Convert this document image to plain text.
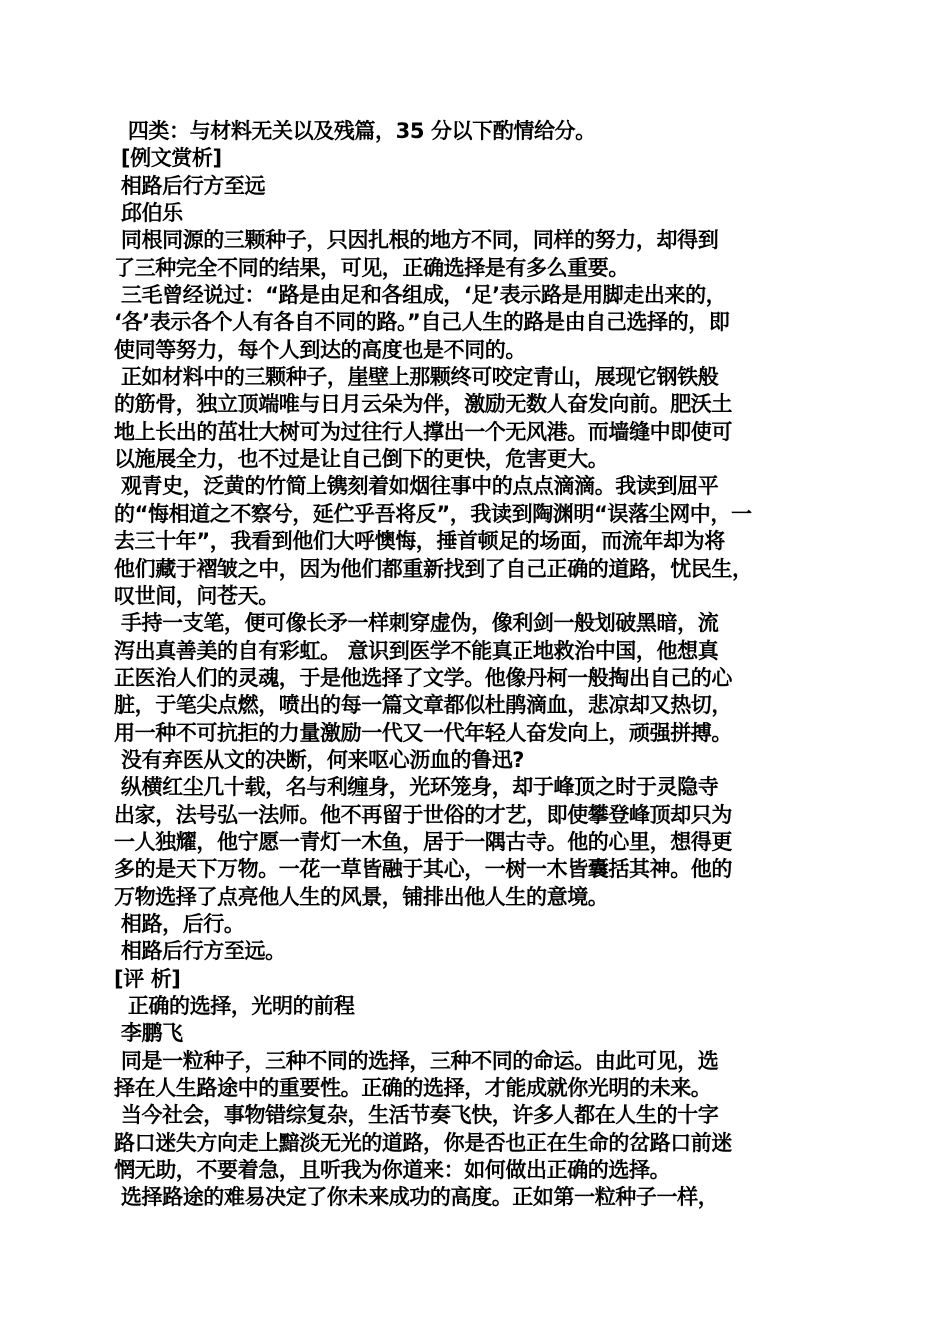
四类：与材料无关以及残篇，35 分以下酌情给分。
[例文赏析]
相路后行方至远
邱伯乐
同根同源的三颗种子，只因扎根的地方不同，同样的努力，却得到
了三种完全不同的结果，可见，正确选择是有多么重要。
三毛曾经说过：“路是由足和各组成，‘足’表示路是用脚走出来的，
‘各’表示各个人有各自不同的路。”自己人生的路是由自己选择的，即
使同等努力，每个人到达的高度也是不同的。
正如材料中的三颗种子，崖壁上那颗终可咬定青山，展现它钢铁般
的筋骨，独立顶端唯与日月云朵为伴，激励无数人奋发向前。肥沃土
地上长出的茁壮大树可为过往行人撑出一个无风港。而墙缝中即使可
以施展全力，也不过是让自己倒下的更快，危害更大。
观青史，泛黄的竹简上镌刻着如烟往事中的点点滴滴。我读到屈平
的“悔相道之不察兮，延伫乎吾将反”，我读到陶渊明“误落尘网中，一
去三十年”，我看到他们大呼懊悔，捶首顿足的场面，而流年却为将
他们藏于褶皱之中，因为他们都重新找到了自己正确的道路，忧民生，
叹世间，问苍天。
手持一支笔，便可像长矛一样刺穿虚伪，像利剑一般划破黑暗，流
泻出真善美的自有彩虹。 意识到医学不能真正地救治中国，他想真
正医治人们的灵魂，于是他选择了文学。他像丹柯一般掏出自己的心
脏，于笔尖点燃，喷出的每一篇文章都似杜鹃滴血，悲凉却又热切，
用一种不可抗拒的力量激励一代又一代年轻人奋发向上，顽强拼搏。
没有弃医从文的决断，何来呕心沥血的鲁迅?
纵横红尘几十载，名与利缠身，光环笼身，却于峰顶之时于灵隐寺
出家，法号弘一法师。他不再留于世俗的才艺，即使攀登峰顶却只为
一人独耀，他宁愿一青灯一木鱼，居于一隅古寺。他的心里，想得更
多的是天下万物。一花一草皆融于其心，一树一木皆囊括其神。他的
万物选择了点亮他人生的风景，铺排出他人生的意境。
相路，后行。
相路后行方至远。
[评 析]
正确的选择，光明的前程
李鹏飞
同是一粒种子，三种不同的选择，三种不同的命运。由此可见，选
择在人生路途中的重要性。正确的选择，才能成就你光明的未来。
当今社会，事物错综复杂，生活节奏飞快，许多人都在人生的十字
路口迷失方向走上黯淡无光的道路，你是否也正在生命的岔路口前迷
惘无助，不要着急，且听我为你道来：如何做出正确的选择。
选择路途的难易决定了你未来成功的高度。正如第一粒种子一样，
